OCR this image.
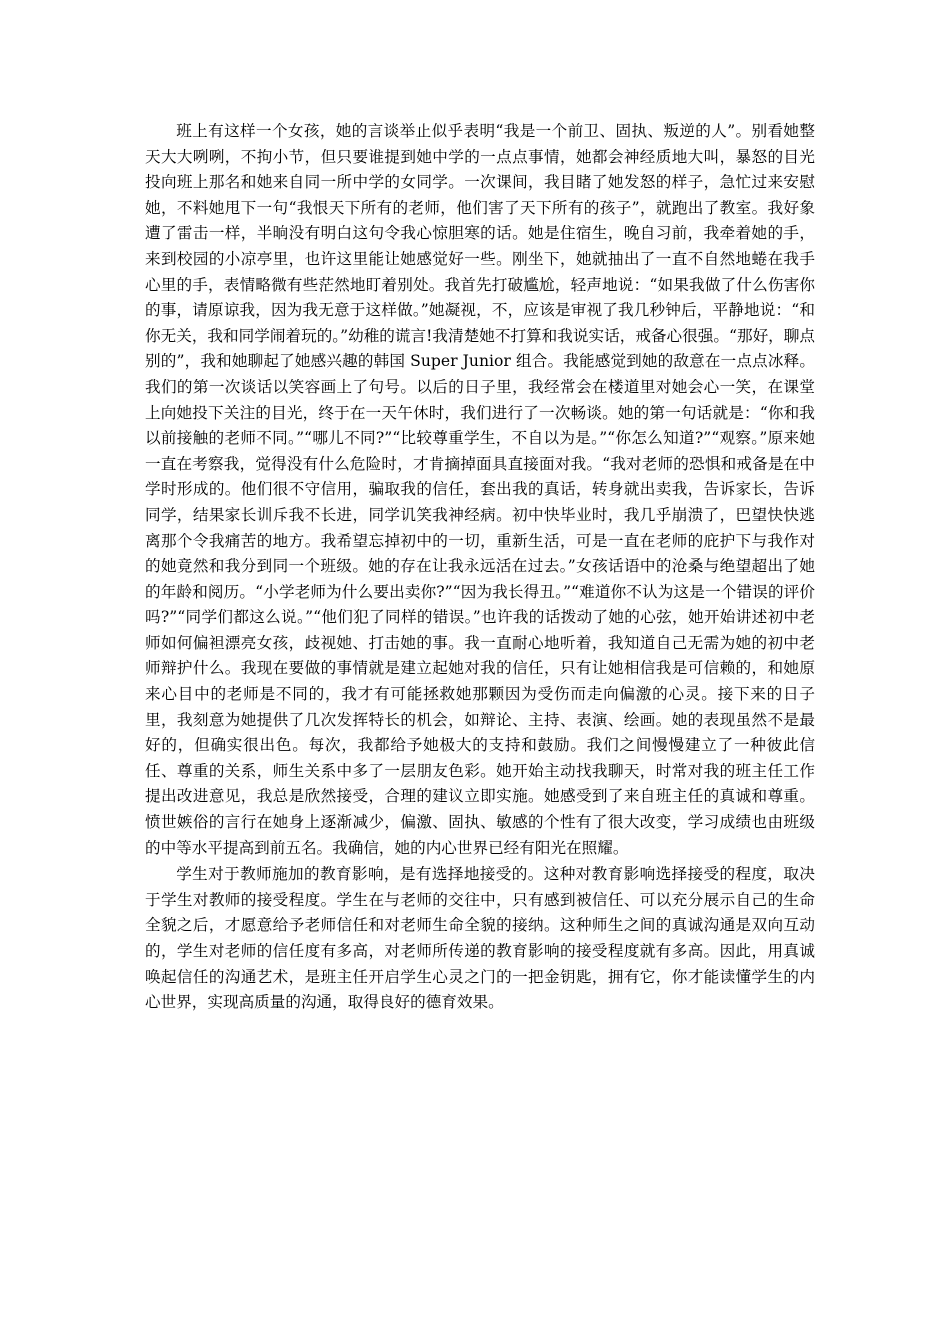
班上有这样一个女孩，她的言谈举止似乎表明“我是一个前卫、固执、叛逆的人”。别看她整天大大咧咧，不拘小节，但只要谁提到她中学的一点点事情，她都会神经质地大叫，暴怒的目光投向班上那名和她来自同一所中学的女同学。一次课间，我目睹了她发怒的样子，急忙过来安慰她，不料她甩下一句“我恨天下所有的老师，他们害了天下所有的孩子”，就跑出了教室。我好象遭了雷击一样，半晌没有明白这句令我心惊胆寒的话。她是住宿生，晚自习前，我牵着她的手，来到校园的小凉亭里，也许这里能让她感觉好一些。刚坐下，她就抽出了一直不自然地蜷在我手心里的手，表情略微有些茫然地盯着别处。我首先打破尴尬，轻声地说：“如果我做了什么伤害你的事，请原谅我，因为我无意于这样做。”她凝视，不，应该是审视了我几秒钟后，平静地说：“和你无关，我和同学闹着玩的。”幼稚的谎言!我清楚她不打算和我说实话，戒备心很强。“那好，聊点别的”，我和她聊起了她感兴趣的韩国 Super Junior 组合。我能感觉到她的敌意在一点点冰释。我们的第一次谈话以笑容画上了句号。以后的日子里，我经常会在楼道里对她会心一笑，在课堂上向她投下关注的目光，终于在一天午休时，我们进行了一次畅谈。她的第一句话就是：“你和我以前接触的老师不同。”“哪儿不同?”“比较尊重学生，不自以为是。”“你怎么知道?”“观察。”原来她一直在考察我，觉得没有什么危险时，才肯摘掉面具直接面对我。“我对老师的恐惧和戒备是在中学时形成的。他们很不守信用，骗取我的信任，套出我的真话，转身就出卖我，告诉家长，告诉同学，结果家长训斥我不长进，同学讥笑我神经病。初中快毕业时，我几乎崩溃了，巴望快快逃离那个令我痛苦的地方。我希望忘掉初中的一切，重新生活，可是一直在老师的庇护下与我作对的她竟然和我分到同一个班级。她的存在让我永远活在过去。”女孩话语中的沧桑与绝望超出了她的年龄和阅历。“小学老师为什么要出卖你?”“因为我长得丑。”“难道你不认为这是一个错误的评价吗?”“同学们都这么说。”“他们犯了同样的错误。”也许我的话拨动了她的心弦，她开始讲述初中老师如何偏袒漂亮女孩，歧视她、打击她的事。我一直耐心地听着，我知道自己无需为她的初中老师辩护什么。我现在要做的事情就是建立起她对我的信任，只有让她相信我是可信赖的，和她原来心目中的老师是不同的，我才有可能拯救她那颗因为受伤而走向偏激的心灵。接下来的日子里，我刻意为她提供了几次发挥特长的机会，如辩论、主持、表演、绘画。她的表现虽然不是最好的，但确实很出色。每次，我都给予她极大的支持和鼓励。我们之间慢慢建立了一种彼此信任、尊重的关系，师生关系中多了一层朋友色彩。她开始主动找我聊天，时常对我的班主任工作提出改进意见，我总是欣然接受，合理的建议立即实施。她感受到了来自班主任的真诚和尊重。愤世嫉俗的言行在她身上逐渐减少，偏激、固执、敏感的个性有了很大改变，学习成绩也由班级的中等水平提高到前五名。我确信，她的内心世界已经有阳光在照耀。

学生对于教师施加的教育影响，是有选择地接受的。这种对教育影响选择接受的程度，取决于学生对教师的接受程度。学生在与老师的交往中，只有感到被信任、可以充分展示自己的生命全貌之后，才愿意给予老师信任和对老师生命全貌的接纳。这种师生之间的真诚沟通是双向互动的，学生对老师的信任度有多高，对老师所传递的教育影响的接受程度就有多高。因此，用真诚唤起信任的沟通艺术，是班主任开启学生心灵之门的一把金钥匙，拥有它，你才能读懂学生的内心世界，实现高质量的沟通，取得良好的德育效果。
